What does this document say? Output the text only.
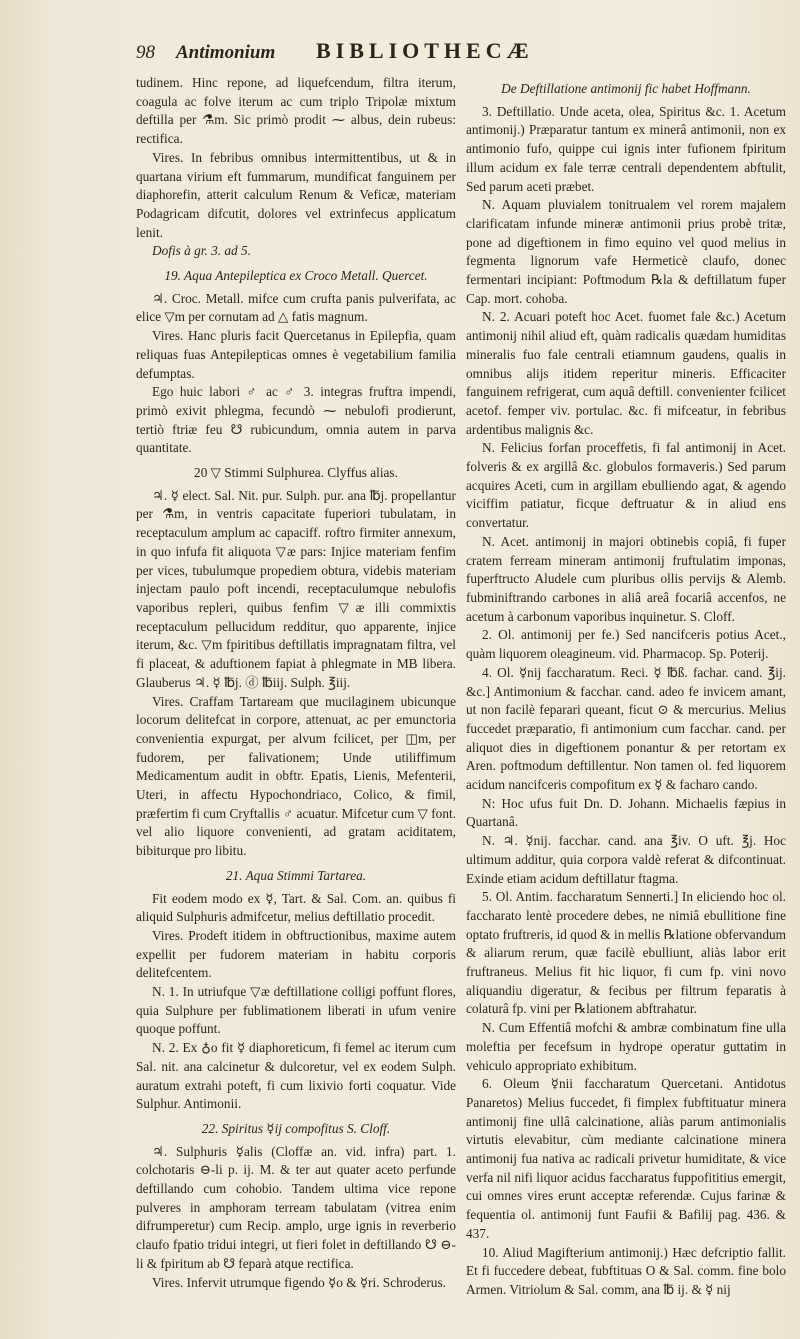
98	Antimonium	BIBLIOTHECÆ

tudinem. Hinc repone, ad liquefcendum, filtra iterum, coagula ac folve iterum ac cum triplo Tripolæ mixtum deftilla per ⚗m. Sic primò prodit ⁓ albus, dein rubeus: rectifica.

Vires. In febribus omnibus intermittentibus, ut & in quartana virium eft fummarum, mundificat fanguinem per diaphorefin, atterit calculum Renum & Veficæ, materiam Podagricam difcutit, dolores vel extrinfecus applicatum lenit.

Dofis à gr. 3. ad 5.

19. Aqua Antepileptica ex Croco Metall. Quercet.

♃. Croc. Metall. mifce cum crufta panis pulverifata, ac elice ▽m per cornutam ad △ fatis magnum.

Vires. Hanc pluris facit Quercetanus in Epilepfia, quam reliquas fuas Antepilepticas omnes è vegetabilium familia defumptas.

Ego huic labori ♂ ac ♂ 3. integras fruftra impendi, primò exivit phlegma, fecundò ⁓ nebulofi prodierunt, tertiò ftriæ feu ☋ rubicundum, omnia autem in parva quantitate.

20 ▽ Stimmi Sulphurea. Clyffus alias.

♃. ☿ elect. Sal. Nit. pur. Sulph. pur. ana ℔j. propellantur per ⚗m, in ventris capacitate fuperiori tubulatam, in receptaculum amplum ac capaciff. roftro firmiter annexum, in quo infufa fit aliquota ▽æ pars: Injice materiam fenfim per vices, tubulumque propediem obtura, videbis materiam injectam paulo poft incendi, receptaculumque nebulofis vaporibus repleri, quibus fenfim ▽æ illi commixtis receptaculum pellucidum redditur, quo apparente, injice iterum, &c. ▽m fpiritibus deftillatis impragnatam filtra, vel fi placeat, & aduftionem fapiat à phlegmate in MB libera. Glauberus ♃. ☿ ℔j. ⓓ ℔iij. Sulph. ℥iij.

Vires. Craffam Tartaream que mucilaginem ubicunque locorum delitefcat in corpore, attenuat, ac per emunctoria convenientia expurgat, per alvum fcilicet, per ◫m, per fudorem, per falivationem; Unde utiliffimum Medicamentum audit in obftr. Epatis, Lienis, Mefenterii, Uteri, in affectu Hypochondriaco, Colico, & fimil, præfertim fi cum Cryftallis ♂ acuatur. Mifcetur cum ▽ font. vel alio liquore convenienti, ad gratam aciditatem, bibiturque pro libitu.

21. Aqua Stimmi Tartarea.

Fit eodem modo ex ☿, Tart. & Sal. Com. an. quibus fi aliquid Sulphuris admifcetur, melius deftillatio procedit.

Vires. Prodeft itidem in obftructionibus, maxime autem expellit per fudorem materiam in habitu corporis delitefcentem.

N. 1. In utriufque ▽æ deftillatione colligi poffunt flores, quia Sulphure per fublimationem liberati in ufum venire quoque poffunt.

N. 2. Ex ♁o fit ☿ diaphoreticum, fi femel ac iterum cum Sal. nit. ana calcinetur & dulcoretur, vel ex eodem Sulph. auratum extrahi poteft, fi cum lixivio forti coquatur. Vide Sulphur. Antimonii.

22. Spiritus ☿ij compofitus S. Cloff.

♃. Sulphuris ☿alis (Cloffæ an. vid. infra) part. 1. colchotaris ⊖-li p. ij. M. & ter aut quater aceto perfunde deftillando cum cohobio. Tandem ultima vice repone pulveres in amphoram terream tabulatam (vitrea enim difrumperetur) cum Recip. amplo, urge ignis in reverberio claufo fpatio tridui integri, ut fieri folet in deftillando ☋ ⊖-li & fpiritum ab ☋ feparà atque rectifica.

Vires. Infervit utrumque figendo ☿o & ☿ri. Schroderus.

De Deftillatione antimonij fic habet Hoffmann.

3. Deftillatio. Unde aceta, olea, Spiritus &c. 1. Acetum antimonij.) Præparatur tantum ex minerâ antimonii, non ex antimonio fufo, quippe cui ignis inter fufionem fpiritum illum acidum ex fale terræ centrali dependentem abftulit, Sed parum aceti præbet.

N. Aquam pluvialem tonitrualem vel rorem majalem clarificatam infunde mineræ antimonii prius probè tritæ, pone ad digeftionem in fimo equino vel quod melius in fegmenta lignorum vafe Hermeticè claufo, donec fermentari incipiant: Poftmodum ℞la & deftillatum fuper Cap. mort. cohoba.

N. 2. Acuari poteft hoc Acet. fuomet fale &c.) Acetum antimonij nihil aliud eft, quàm radicalis quædam humiditas mineralis fuo fale centrali etiamnum gaudens, qualis in omnibus alijs itidem reperitur mineris. Efficaciter fanguinem refrigerat, cum aquâ deftill. convenienter fcilicet acetof. femper viv. portulac. &c. fi mifceatur, in febribus ardentibus malignis &c.

N. Felicius forfan proceffetis, fi fal antimonij in Acet. folveris & ex argillâ &c. globulos formaveris.) Sed parum acquires Aceti, cum in argillam ebulliendo agat, & agendo viciffim patiatur, ficque deftruatur & in aliud ens convertatur.

N. Acet. antimonij in majori obtinebis copiâ, fi fuper cratem ferream mineram antimonij fruftulatim imponas, fuperftructo Aludele cum pluribus ollis pervijs & Alemb. fubminiftrando carbones in aliâ areâ focariâ accenfos, ne acetum à carbonum vaporibus inquinetur. S. Cloff.

2. Ol. antimonij per fe.) Sed nancifceris potius Acet., quàm liquorem oleagineum. vid. Pharmacop. Sp. Poterij.

4. Ol. ☿nij faccharatum. Reci. ☿ ℔ß. fachar. cand. ℥ij. &c.] Antimonium & facchar. cand. adeo fe invicem amant, ut non facilè feparari queant, ficut ⊙ & mercurius. Melius fuccedet præparatio, fi antimonium cum facchar. cand. per aliquot dies in digeftionem ponantur & per retortam ex Aren. poftmodum deftillentur. Non tamen ol. fed liquorem acidum nancifceris compofitum ex ☿ & facharo cando.

N: Hoc ufus fuit Dn. D. Johann. Michaelis fæpius in Quartanâ.

N. ♃. ☿nij. facchar. cand. ana ℥iv. O uft. ℥j. Hoc ultimum additur, quia corpora valdè referat & difcontinuat. Exinde etiam acidum deftillatur ftagma.

5. Ol. Antim. faccharatum Sennerti.] In eliciendo hoc ol. faccharato lentè procedere debes, ne nimiâ ebullitione fine optato fruftreris, id quod & in mellis ℞latione obfervandum & aliarum rerum, quæ facilè ebulliunt, aliàs labor erit fruftraneus. Melius fit hic liquor, fi cum fp. vini novo aliquandiu digeratur, & fecibus per filtrum feparatis à colaturâ fp. vini per ℞lationem abftrahatur.

N. Cum Effentiâ mofchi & ambræ combinatum fine ulla moleftia per fecefsum in hydrope operatur guttatim in vehiculo appropriato exhibitum.

6. Oleum ☿nii faccharatum Quercetani. Antidotus Panaretos) Melius fuccedet, fi fimplex fubftituatur minera antimonij fine ullâ calcinatione, aliàs parum antimonialis virtutis elevabitur, cùm mediante calcinatione minera antimonij fua nativa ac radicali privetur humiditate, & vice verfa nil nifi liquor acidus faccharatus fuppofititius emergit, cui omnes vires erunt acceptæ referendæ. Cujus farinæ & fequentia ol. antimonij funt Faufii & Bafilij pag. 436. & 437.

10. Aliud Magifterium antimonij.) Hæc defcriptio fallit. Et fi fuccedere debeat, fubftituas O & Sal. comm. fine bolo Armen. Vitriolum & Sal. comm, ana ℔ ij. & ☿ nij
